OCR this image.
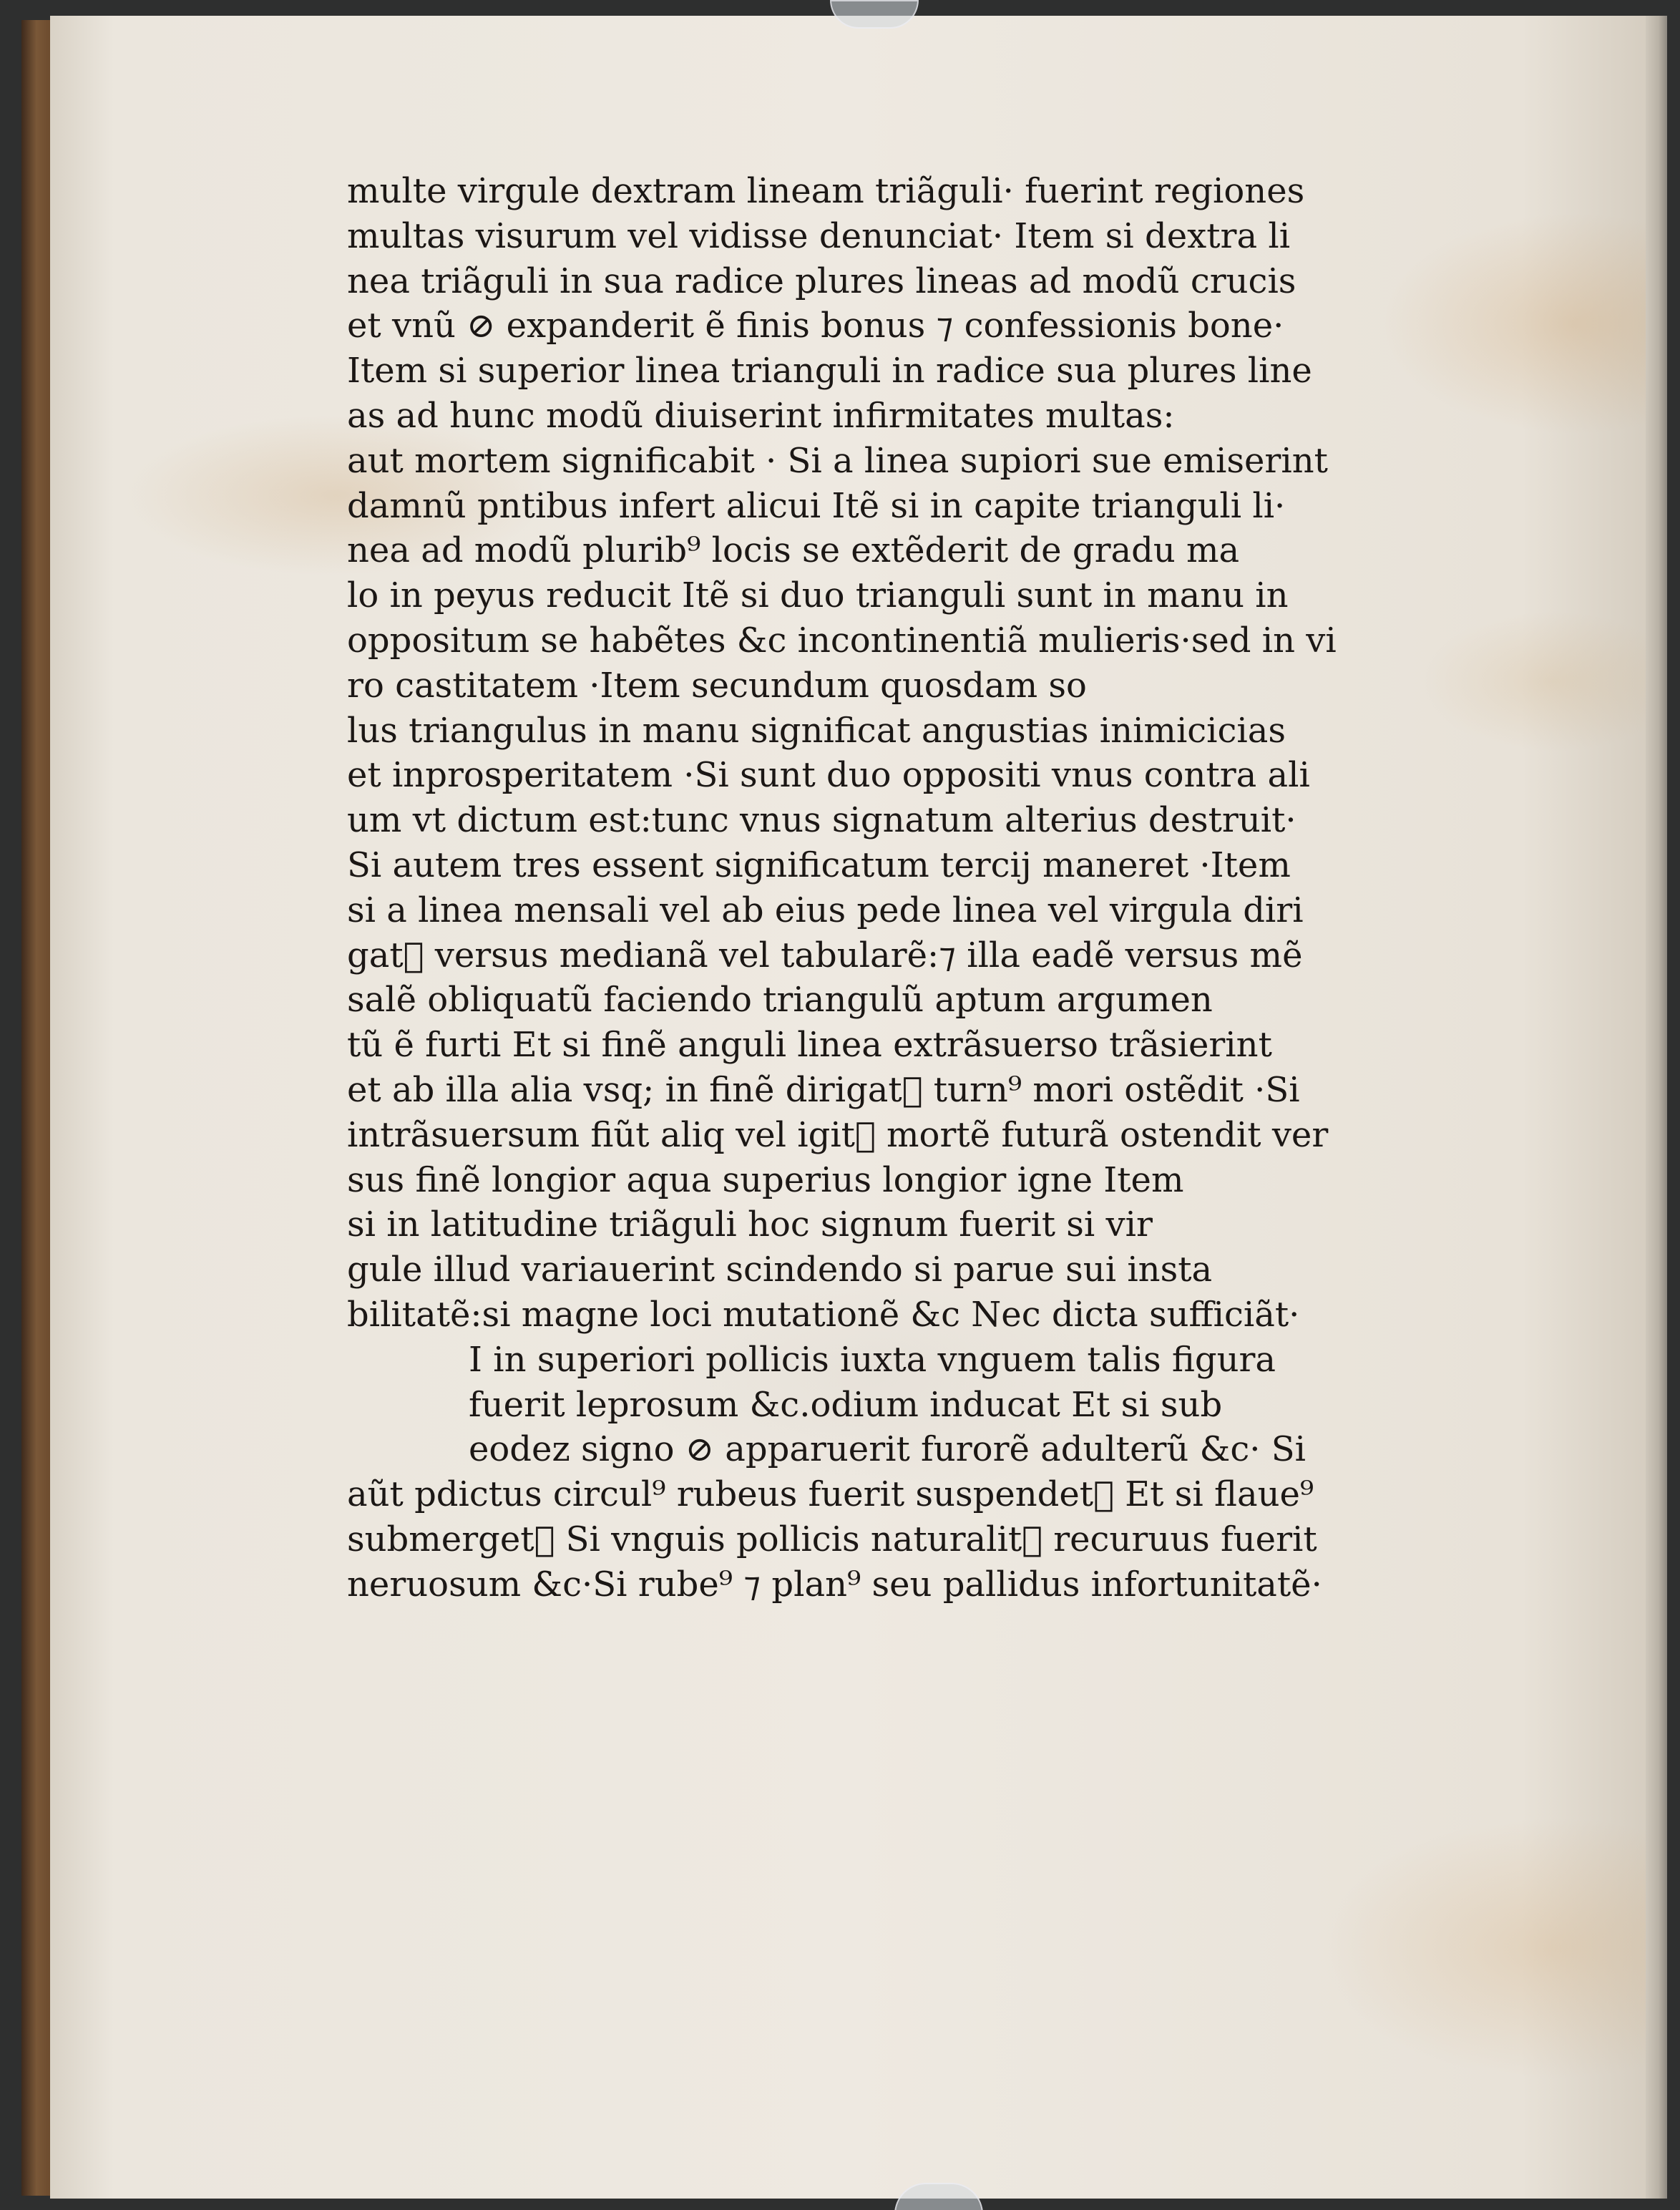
multe virgule dextram lineam triãguli· fuerint regiones
multas visurum vel vidisse denunciat· Item si dextra li
nea triãguli in sua radice plures lineas ad modũ crucis
et vnũ ⊘ expanderit ẽ finis bonus ⁊ confessionis bone·
Item si superior linea trianguli in radice sua plures line
as ad hunc modũ diuiserint infirmitates multas:
aut mortem significabit · Si a linea supiori sue emiserint
damnũ pntibus infert alicui Itẽ si in capite trianguli li·
nea ad modũ plurib⁹ locis se extẽderit de gradu ma
lo in peyus reducit Itẽ si duo trianguli sunt in manu in
oppositum se habẽtes &c incontinentiã mulieris·sed in vi
ro castitatem ·Item secundum quosdam so
lus triangulus in manu significat angustias inimicicias
et inprosperitatem ·Si sunt duo oppositi vnus contra ali
um vt dictum est:tunc vnus signatum alterius destruit·
Si autem tres essent significatum tercij maneret ·Item
si a linea mensali vel ab eius pede linea vel virgula diri
gat᷑ versus medianã vel tabularẽ:⁊ illa eadẽ versus mẽ
salẽ obliquatũ faciendo triangulũ aptum argumen
tũ ẽ furti Et si finẽ anguli linea extrãsuerso trãsierint
et ab illa alia vsq; in finẽ dirigat᷑ turn⁹ mori ostẽdit ·Si
intrãsuersum fiũt aliq vel igit᷑ mortẽ futurã ostendit ver
sus finẽ longior aqua superius longior igne Item
si in latitudine triãguli hoc signum fuerit si vir
gule illud variauerint scindendo si parue sui insta
bilitatẽ:si magne loci mutationẽ &c Nec dicta sufficiãt·
I in superiori pollicis iuxta vnguem talis figura
fuerit leprosum &c.odium inducat Et si sub
eodez signo ⊘ apparuerit furorẽ adulterũ &c· Si
aũt pdictus circul⁹ rubeus fuerit suspendet᷑ Et si flaue⁹
submerget᷑ Si vnguis pollicis naturalit᷑ recuruus fuerit
neruosum &c·Si rube⁹ ⁊ plan⁹ seu pallidus infortunitatẽ·
